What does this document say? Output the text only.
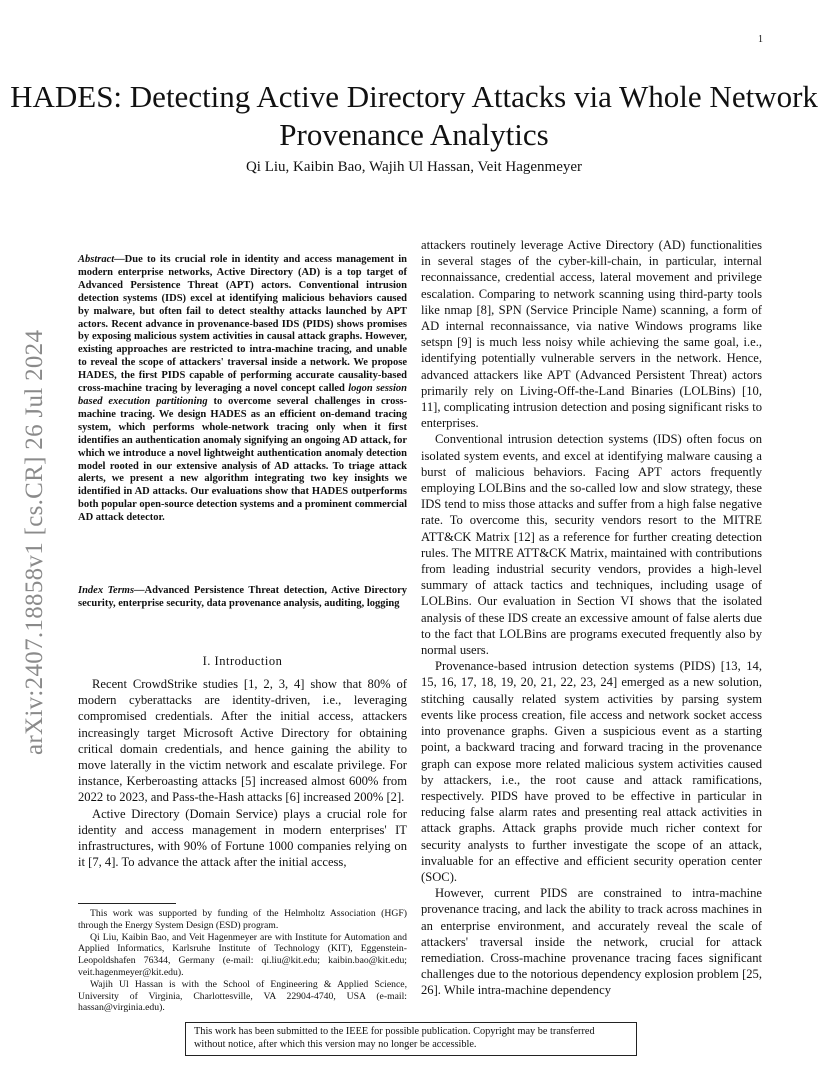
1
arXiv:2407.18858v1 [cs.CR] 26 Jul 2024
HADES: Detecting Active Directory Attacks via Whole Network Provenance Analytics
Qi Liu, Kaibin Bao, Wajih Ul Hassan, Veit Hagenmeyer

Abstract—Due to its crucial role in identity and access management in modern enterprise networks, Active Directory (AD) is a top target of Advanced Persistence Threat (APT) actors. Conventional intrusion detection systems (IDS) excel at identifying malicious behaviors caused by malware, but often fail to detect stealthy attacks launched by APT actors. Recent advance in provenance-based IDS (PIDS) shows promises by exposing malicious system activities in causal attack graphs. However, existing approaches are restricted to intra-machine tracing, and unable to reveal the scope of attackers' traversal inside a network. We propose HADES, the first PIDS capable of performing accurate causality-based cross-machine tracing by leveraging a novel concept called logon session based execution partitioning to overcome several challenges in cross-machine tracing. We design HADES as an efficient on-demand tracing system, which performs whole-network tracing only when it first identifies an authentication anomaly signifying an ongoing AD attack, for which we introduce a novel lightweight authentication anomaly detection model rooted in our extensive analysis of AD attacks. To triage attack alerts, we present a new algorithm integrating two key insights we identified in AD attacks. Our evaluations show that HADES outperforms both popular open-source detection systems and a prominent commercial AD attack detector.

Index Terms—Advanced Persistence Threat detection, Active Directory security, enterprise security, data provenance analysis, auditing, logging

I. Introduction

Recent CrowdStrike studies [1, 2, 3, 4] show that 80% of modern cyberattacks are identity-driven, i.e., leveraging compromised credentials. After the initial access, attackers increasingly target Microsoft Active Directory for obtaining critical domain credentials, and hence gaining the ability to move laterally in the victim network and escalate privilege. For instance, Kerberoasting attacks [5] increased almost 600% from 2022 to 2023, and Pass-the-Hash attacks [6] increased 200% [2].

Active Directory (Domain Service) plays a crucial role for identity and access management in modern enterprises' IT infrastructures, with 90% of Fortune 1000 companies relying on it [7, 4]. To advance the attack after the initial access,

This work was supported by funding of the Helmholtz Association (HGF) through the Energy System Design (ESD) program.

Qi Liu, Kaibin Bao, and Veit Hagenmeyer are with Institute for Automation and Applied Informatics, Karlsruhe Institute of Technology (KIT), Eggenstein-Leopoldshafen 76344, Germany (e-mail: qi.liu@kit.edu; kaibin.bao@kit.edu; veit.hagenmeyer@kit.edu).

Wajih Ul Hassan is with the School of Engineering & Applied Science, University of Virginia, Charlottesville, VA 22904-4740, USA (e-mail: hassan@virginia.edu).

attackers routinely leverage Active Directory (AD) functionalities in several stages of the cyber-kill-chain, in particular, internal reconnaissance, credential access, lateral movement and privilege escalation. Comparing to network scanning using third-party tools like nmap [8], SPN (Service Principle Name) scanning, a form of AD internal reconnaissance, via native Windows programs like setspn [9] is much less noisy while achieving the same goal, i.e., identifying potentially vulnerable servers in the network. Hence, advanced attackers like APT (Advanced Persistent Threat) actors primarily rely on Living-Off-the-Land Binaries (LOLBins) [10, 11], complicating intrusion detection and posing significant risks to enterprises.

Conventional intrusion detection systems (IDS) often focus on isolated system events, and excel at identifying malware causing a burst of malicious behaviors. Facing APT actors frequently employing LOLBins and the so-called low and slow strategy, these IDS tend to miss those attacks and suffer from a high false negative rate. To overcome this, security vendors resort to the MITRE ATT&CK Matrix [12] as a reference for further creating detection rules. The MITRE ATT&CK Matrix, maintained with contributions from leading industrial security vendors, provides a high-level summary of attack tactics and techniques, including usage of LOLBins. Our evaluation in Section VI shows that the isolated analysis of these IDS create an excessive amount of false alerts due to the fact that LOLBins are programs executed frequently also by normal users.

Provenance-based intrusion detection systems (PIDS) [13, 14, 15, 16, 17, 18, 19, 20, 21, 22, 23, 24] emerged as a new solution, stitching causally related system activities by parsing system events like process creation, file access and network socket access into provenance graphs. Given a suspicious event as a starting point, a backward tracing and forward tracing in the provenance graph can expose more related malicious system activities caused by attackers, i.e., the root cause and attack ramifications, respectively. PIDS have proved to be effective in particular in reducing false alarm rates and presenting real attack activities in attack graphs. Attack graphs provide much richer context for security analysts to further investigate the scope of an attack, invaluable for an effective and efficient security operation center (SOC).

However, current PIDS are constrained to intra-machine provenance tracing, and lack the ability to track across machines in an enterprise environment, and accurately reveal the scale of attackers' traversal inside the network, crucial for attack remediation. Cross-machine provenance tracing faces significant challenges due to the notorious dependency explosion problem [25, 26]. While intra-machine dependency

This work has been submitted to the IEEE for possible publication. Copyright may be transferred without notice, after which this version may no longer be accessible.
